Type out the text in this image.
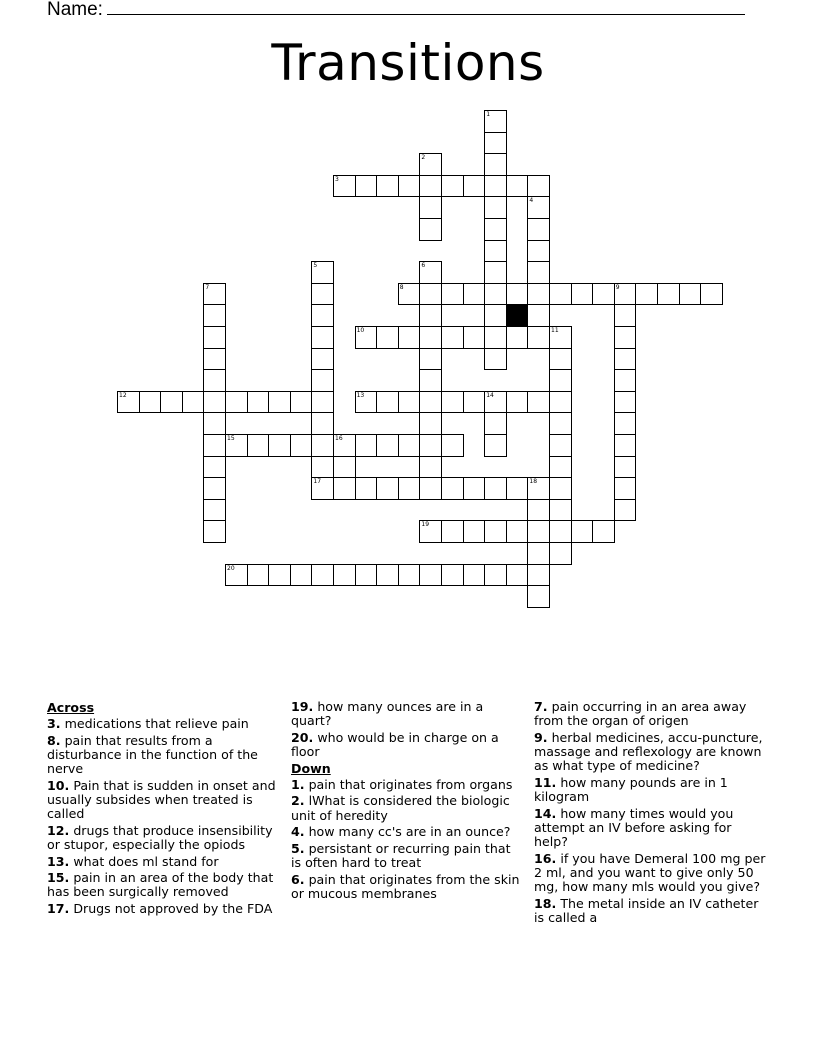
Name:
Transitions
1
2
3
4
5
17
6
7	8	9
10	11
12	13	14
15	16
18
19
20
Across
3. medications that relieve pain
8. pain that results from a disturbance in the function of the nerve
10. Pain that is sudden in onset and usually subsides when treated is called
12. drugs that produce insensibility or stupor, especially the opiods
13. what does ml stand for
15. pain in an area of the body that has been surgically removed
17. Drugs not approved by the FDA
19. how many ounces are in a quart?
20. who would be in charge on a floor
Down
1. pain that originates from organs
2. lWhat is considered the biologic unit of heredity
4. how many cc's are in an ounce?
5. persistant or recurring pain that is often hard to treat
6. pain that originates from the skin or mucous membranes
7. pain occurring in an area away from the organ of origen
9. herbal medicines, accu-puncture, massage and reflexology are known as what type of medicine?
11. how many pounds are in 1 kilogram
14. how many times would you attempt an IV before asking for help?
16. if you have Demeral 100 mg per 2 ml, and you want to give only 50 mg, how many mls would you give?
18. The metal inside an IV catheter is called a
